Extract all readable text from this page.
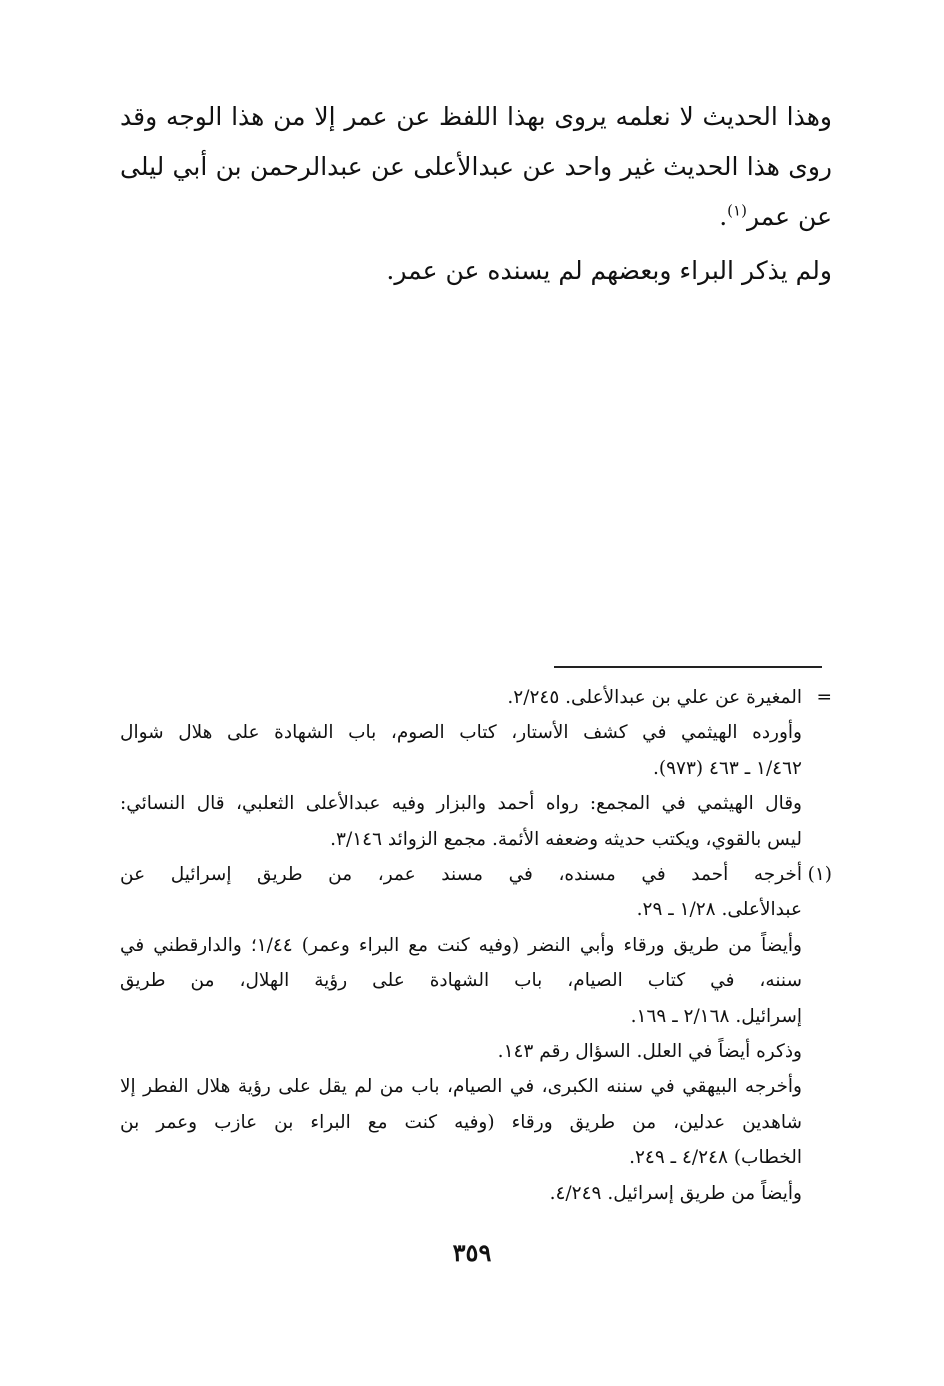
وهذا الحديث لا نعلمه يروى بهذا اللفظ عن عمر إلا من هذا الوجه وقد روى هذا الحديث غير واحد عن عبدالأعلى عن عبدالرحمن بن أبي ليلى عن عمر$^{(١)}$.

ولم يذكر البراء وبعضهم لم يسنده عن عمر.

=
المغيرة عن علي بن عبدالأعلى. ٢/٢٤٥.
وأورده الهيثمي في كشف الأستار، كتاب الصوم، باب الشهادة على هلال شوال
١/٤٦٢ ـ ٤٦٣ (٩٧٣).
وقال الهيثمي في المجمع: رواه أحمد والبزار وفيه عبدالأعلى الثعلبي، قال النسائي:
ليس بالقوي، ويكتب حديثه وضعفه الأئمة. مجمع الزوائد ٣/١٤٦.
(١)
أخرجه أحمد في مسنده، في مسند عمر، من طريق إسرائيل عن
عبدالأعلى. ١/٢٨ ـ ٢٩.
وأيضاً من طريق ورقاء وأبي النضر (وفيه كنت مع البراء وعمر) ١/٤٤؛ والدارقطني في
سننه، في كتاب الصيام، باب الشهادة على رؤية الهلال، من طريق
إسرائيل. ٢/١٦٨ ـ ١٦٩.
وذكره أيضاً في العلل. السؤال رقم ١٤٣.
وأخرجه البيهقي في سننه الكبرى، في الصيام، باب من لم يقل على رؤية هلال الفطر إلا
شاهدين عدلين، من طريق ورقاء (وفيه كنت مع البراء بن عازب وعمر بن
الخطاب) ٤/٢٤٨ ـ ٢٤٩.
وأيضاً من طريق إسرائيل. ٤/٢٤٩.
٣٥٩
